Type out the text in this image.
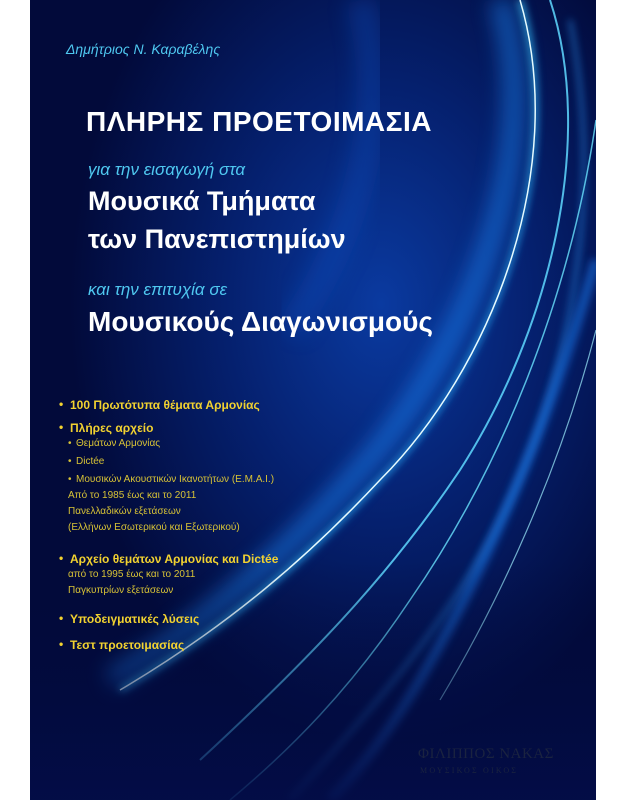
Δημήτριος Ν. Καραβέλης
ΠΛΗΡΗΣ ΠΡΟΕΤΟΙΜΑΣΙΑ
για την εισαγωγή στα
Μουσικά Τμήματα
των Πανεπιστημίων
και την επιτυχία σε
Μουσικούς Διαγωνισμούς
• 100 Πρωτότυπα θέματα Αρμονίας
• Πλήρες αρχείο
• Θεμάτων Αρμονίας
• Dictée
• Μουσικών Ακουστικών Ικανοτήτων (Ε.Μ.Α.Ι.)
Από το 1985 έως και το 2011
Πανελλαδικών εξετάσεων
(Ελλήνων Εσωτερικού και Εξωτερικού)
• Αρχείο θεμάτων Αρμονίας και Dictée
από το 1995 έως και το 2011
Παγκυπρίων εξετάσεων
• Υποδειγματικές λύσεις
• Τεστ προετοιμασίας
ΦΙΛΙΠΠΟΣ ΝΑΚΑΣ
ΜΟΥΣΙΚΟΣ ΟΙΚΟΣ
